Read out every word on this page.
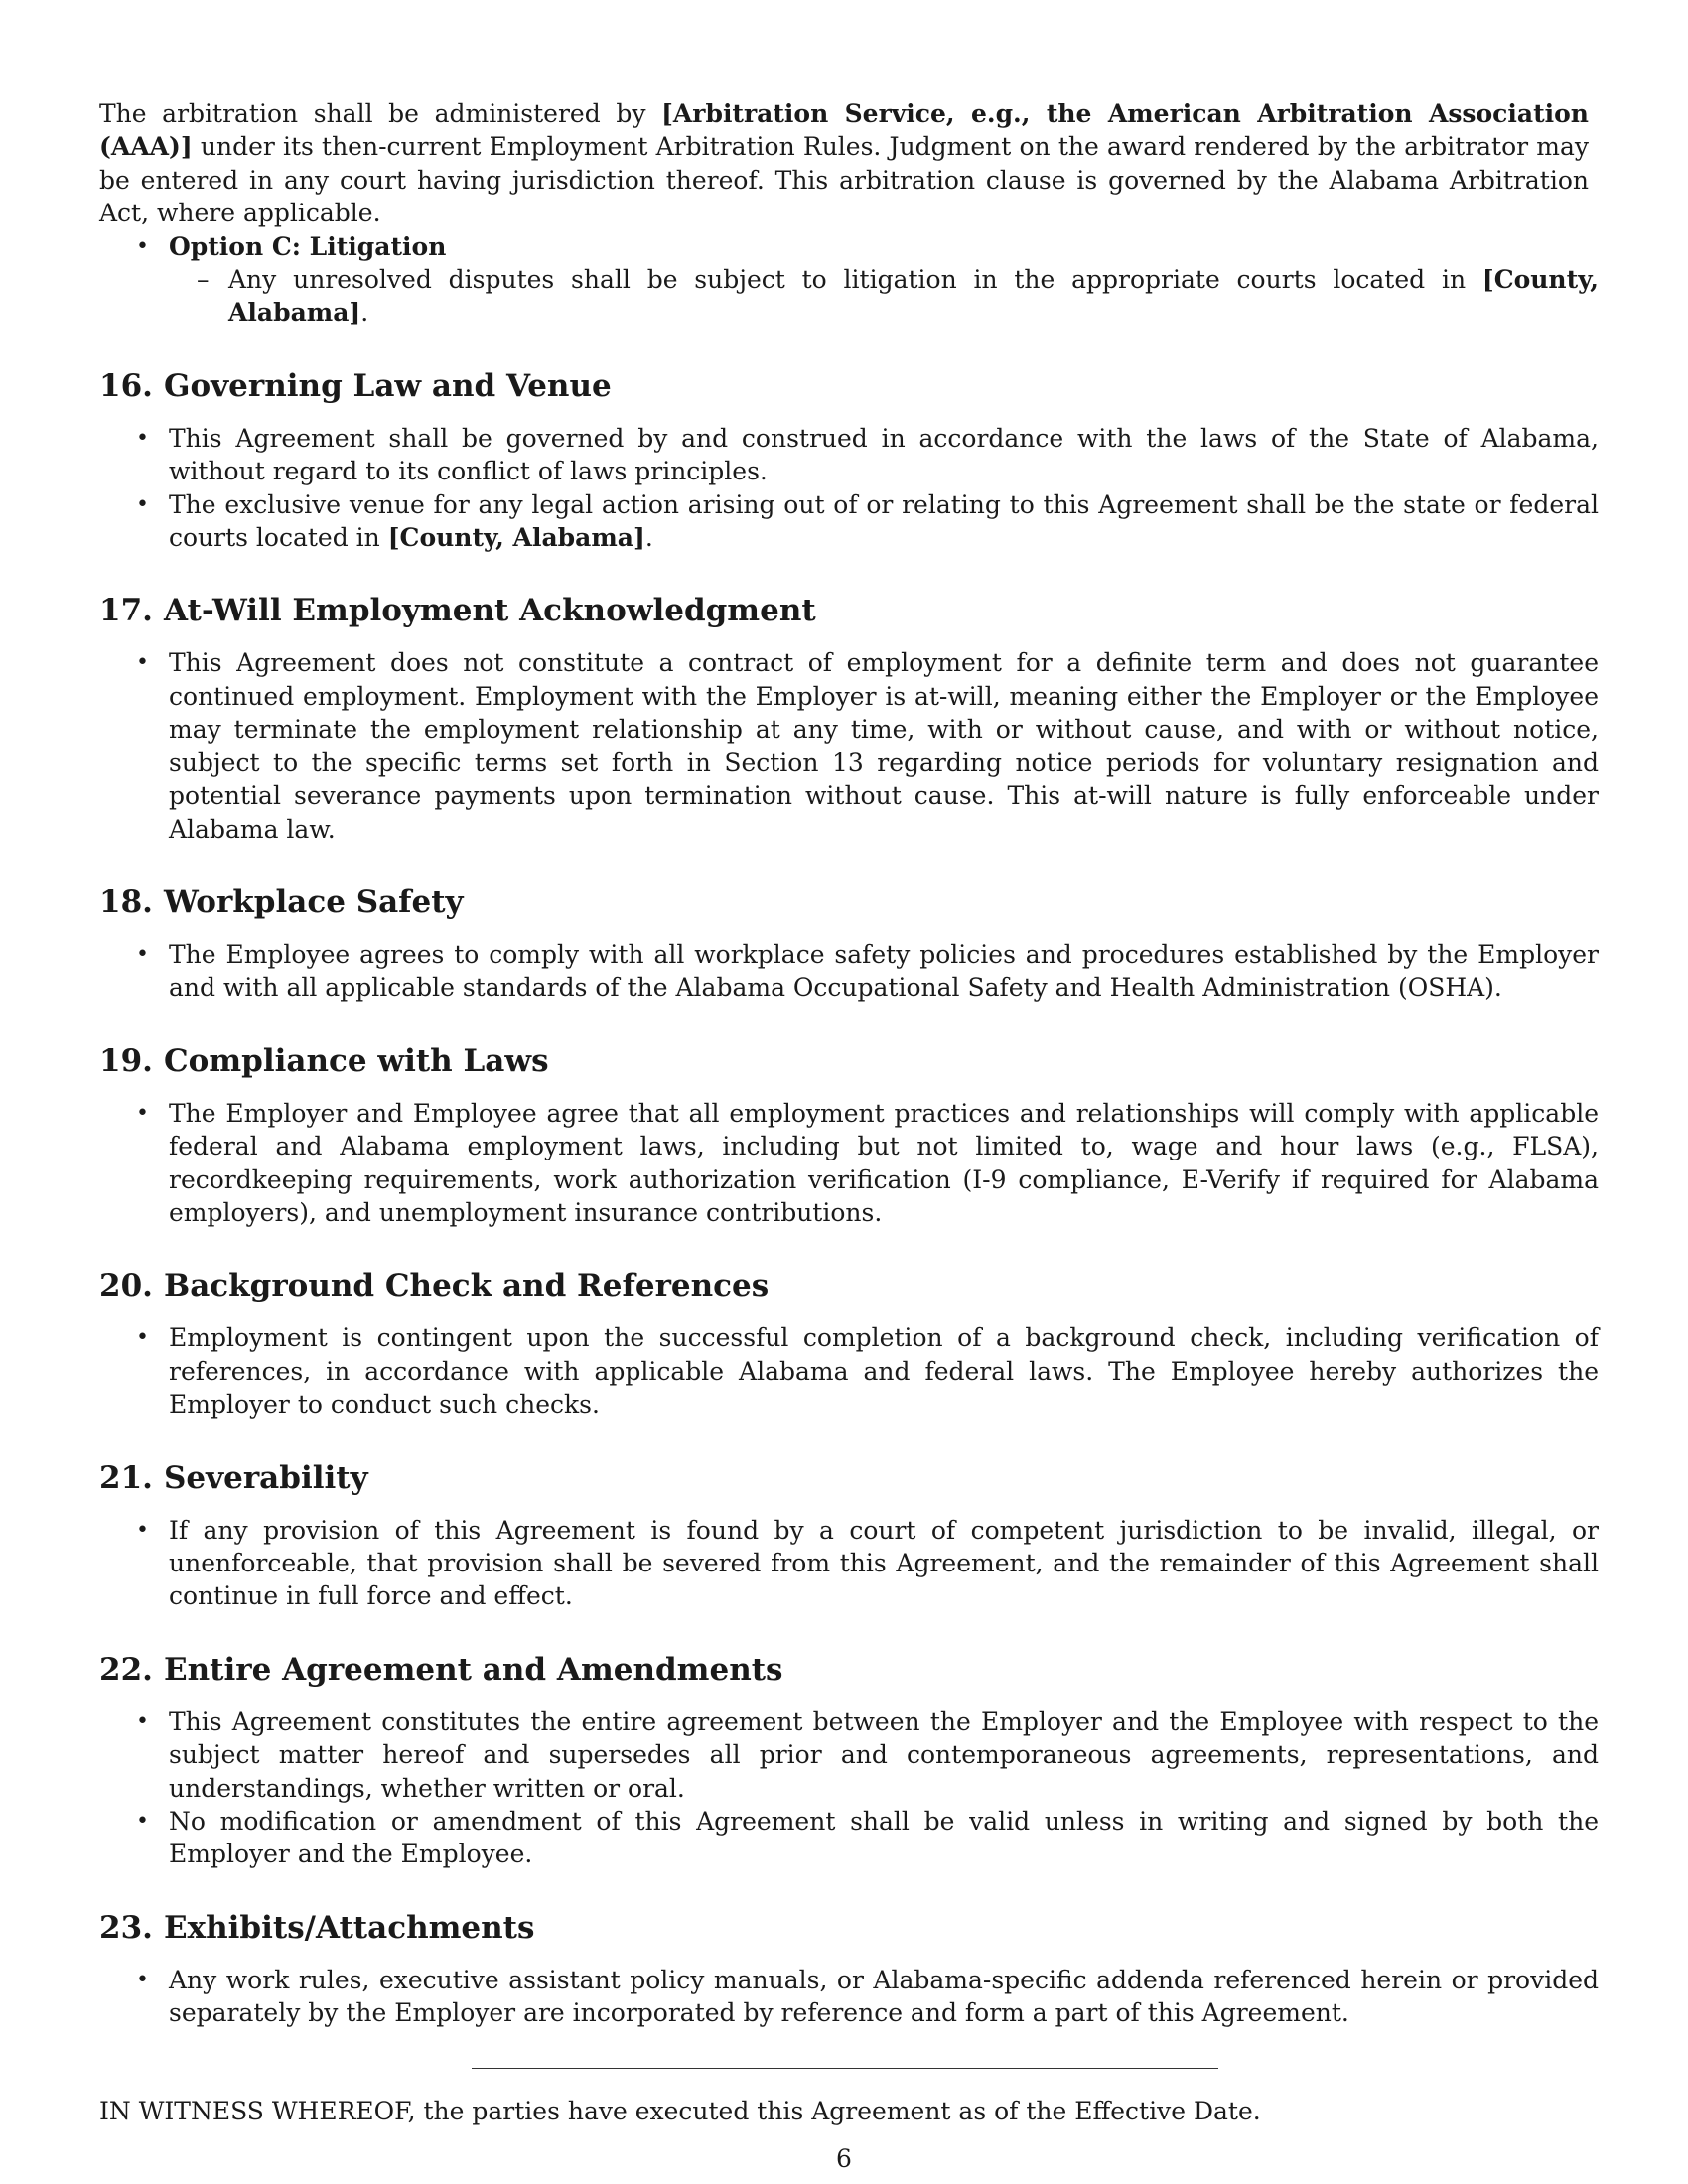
The arbitration shall be administered by [Arbitration Service, e.g., the American Arbitration Association (AAA)] under its then-current Employment Arbitration Rules. Judgment on the award rendered by the arbitrator may be entered in any court having jurisdiction thereof. This arbitration clause is governed by the Alabama Arbitration Act, where applicable.

• Option C: Litigation
– Any unresolved disputes shall be subject to litigation in the appropriate courts located in [County, Alabama].
16. Governing Law and Venue
• This Agreement shall be governed by and construed in accordance with the laws of the State of Alabama, without regard to its conflict of laws principles.
• The exclusive venue for any legal action arising out of or relating to this Agreement shall be the state or federal courts located in [County, Alabama].
17. At-Will Employment Acknowledgment
• This Agreement does not constitute a contract of employment for a definite term and does not guarantee continued employment. Employment with the Employer is at-will, meaning either the Employer or the Employee may terminate the employment relationship at any time, with or without cause, and with or without notice, subject to the specific terms set forth in Section 13 regarding notice periods for voluntary resignation and potential severance payments upon termination without cause. This at-will nature is fully enforceable under Alabama law.
18. Workplace Safety
• The Employee agrees to comply with all workplace safety policies and procedures established by the Employer and with all applicable standards of the Alabama Occupational Safety and Health Administration (OSHA).
19. Compliance with Laws
• The Employer and Employee agree that all employment practices and relationships will comply with applicable federal and Alabama employment laws, including but not limited to, wage and hour laws (e.g., FLSA), recordkeeping requirements, work authorization verification (I-9 compliance, E-Verify if required for Alabama employers), and unemployment insurance contributions.
20. Background Check and References
• Employment is contingent upon the successful completion of a background check, including verification of references, in accordance with applicable Alabama and federal laws. The Employee hereby authorizes the Employer to conduct such checks.
21. Severability
• If any provision of this Agreement is found by a court of competent jurisdiction to be invalid, illegal, or unenforceable, that provision shall be severed from this Agreement, and the remainder of this Agreement shall continue in full force and effect.
22. Entire Agreement and Amendments
• This Agreement constitutes the entire agreement between the Employer and the Employee with respect to the subject matter hereof and supersedes all prior and contemporaneous agreements, representations, and understandings, whether written or oral.
• No modification or amendment of this Agreement shall be valid unless in writing and signed by both the Employer and the Employee.
23. Exhibits/Attachments
• Any work rules, executive assistant policy manuals, or Alabama-specific addenda referenced herein or provided separately by the Employer are incorporated by reference and form a part of this Agreement.

IN WITNESS WHEREOF, the parties have executed this Agreement as of the Effective Date.

6
